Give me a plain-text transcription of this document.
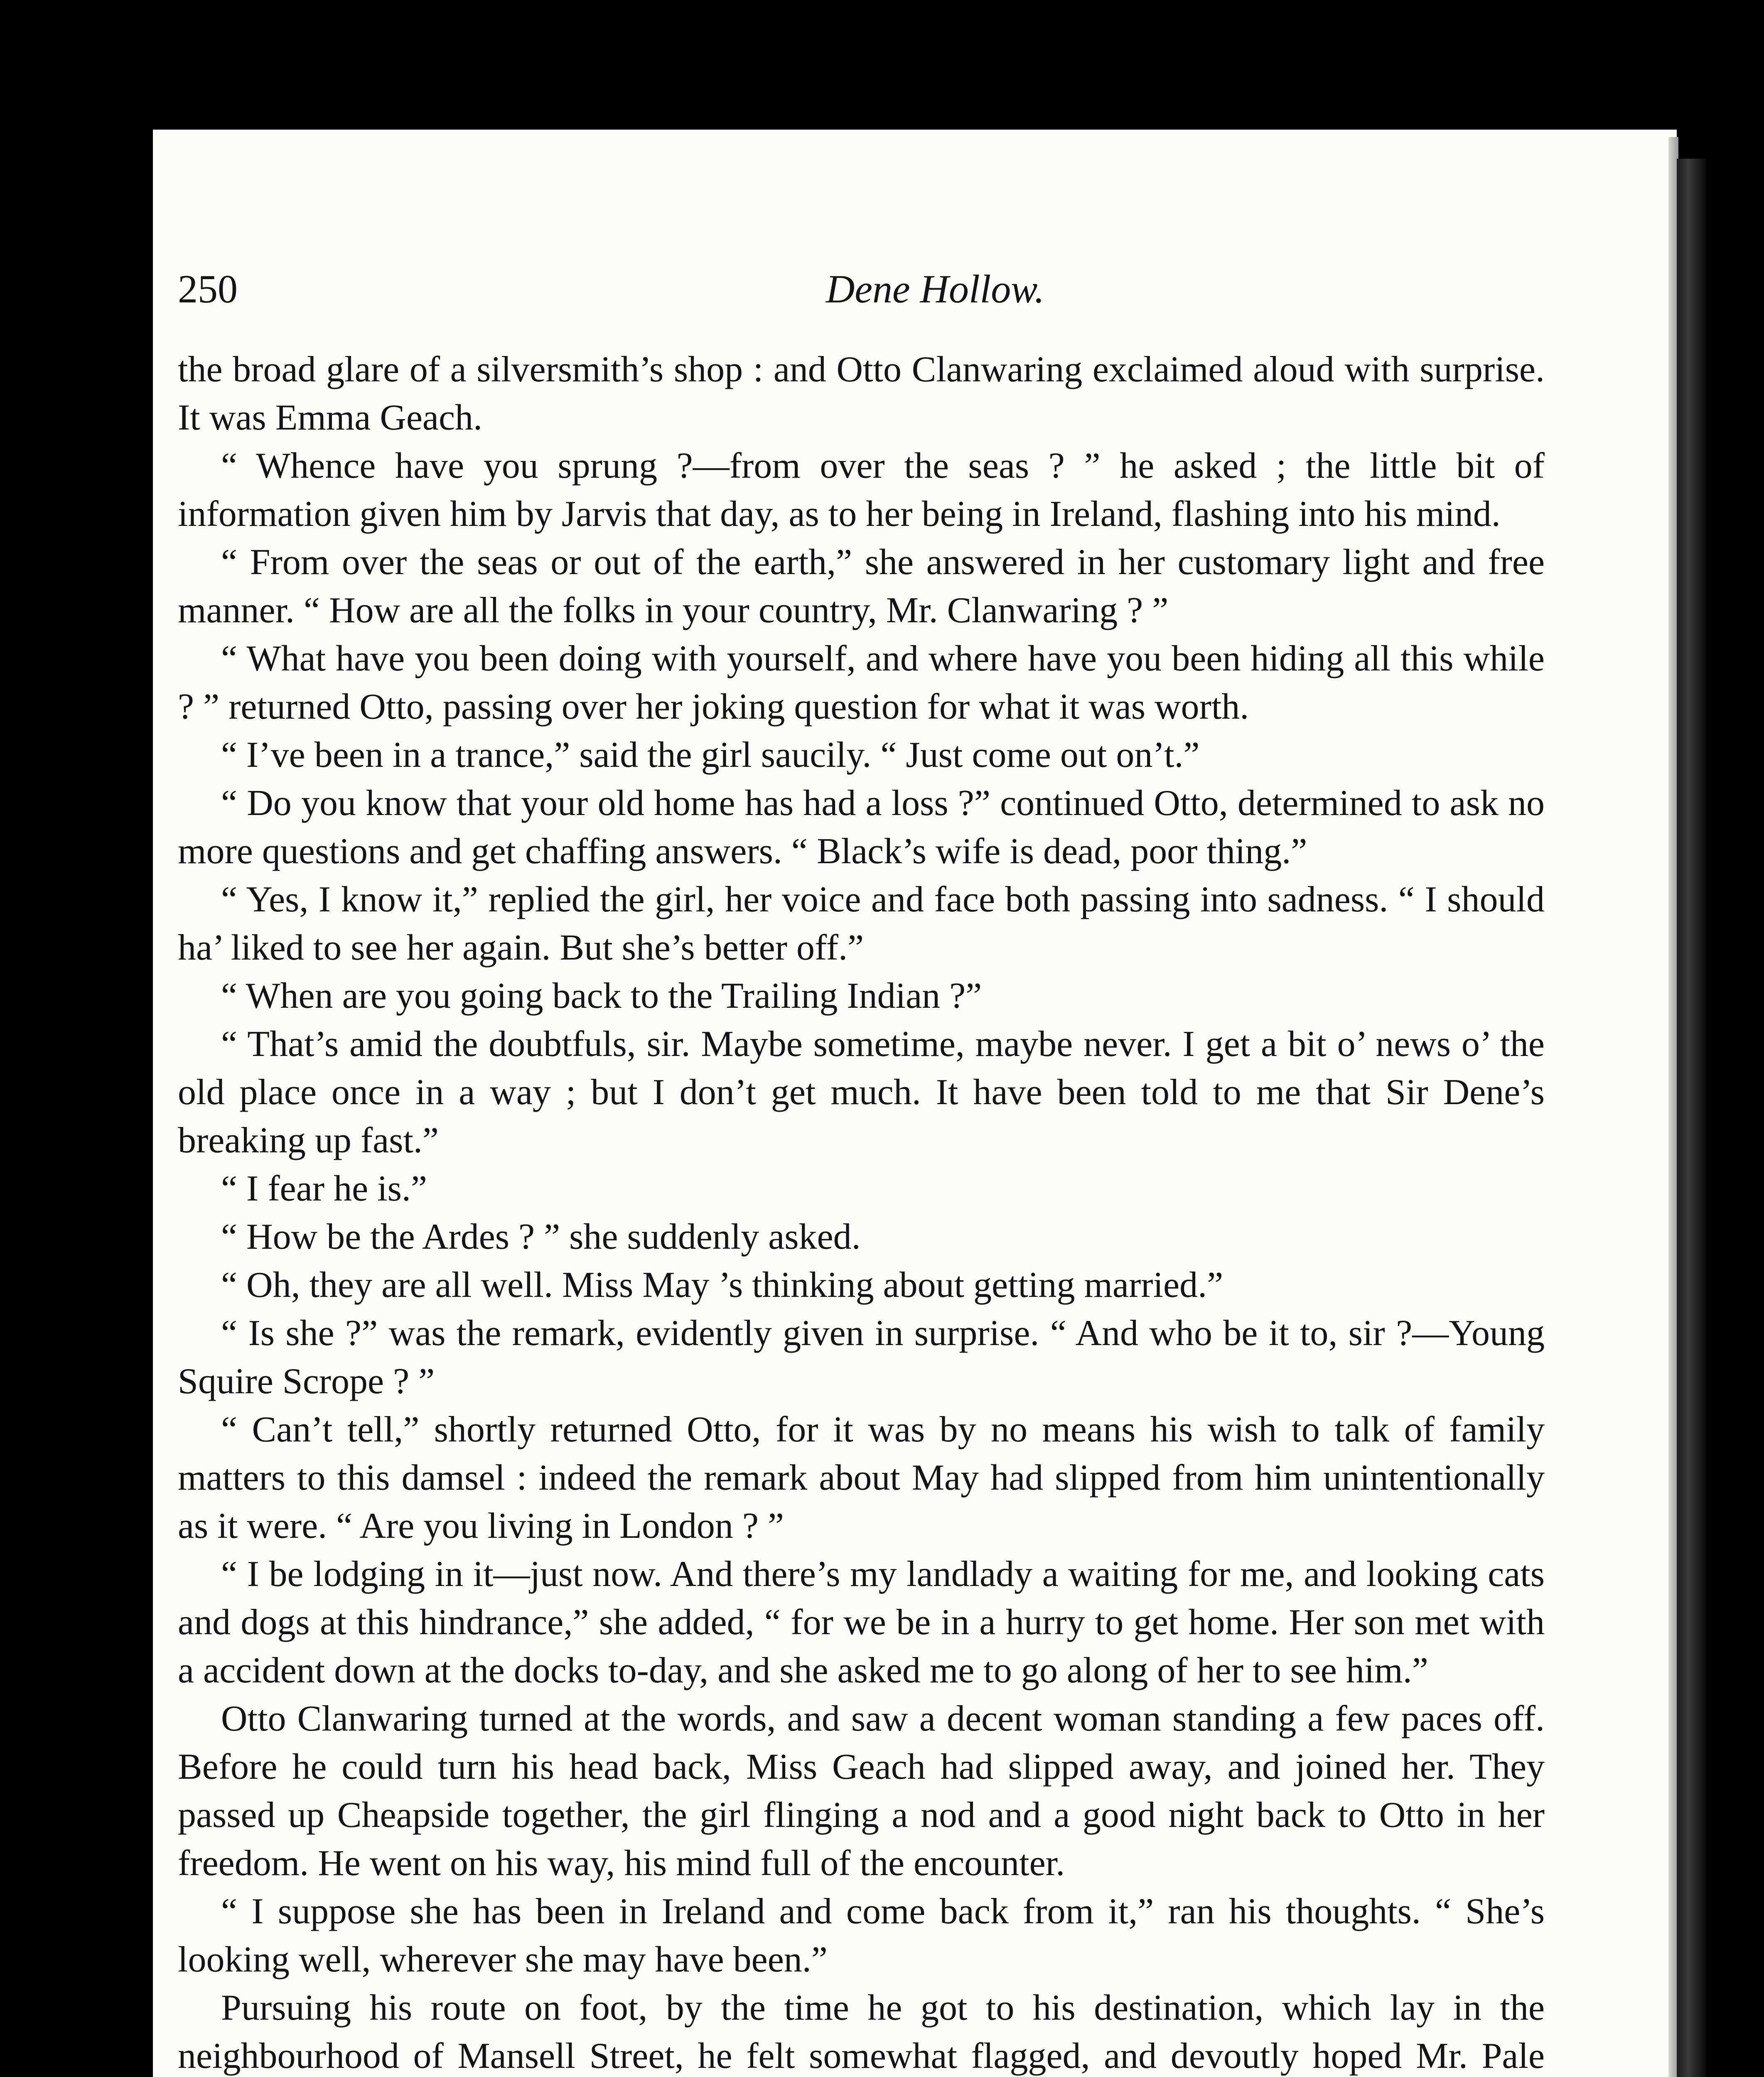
250	Dene Hollow.

the broad glare of a silversmith’s shop : and Otto Clanwaring exclaimed aloud with surprise. It was Emma Geach.

“ Whence have you sprung ?—from over the seas ? ” he asked ; the little bit of information given him by Jarvis that day, as to her being in Ireland, flashing into his mind.

“ From over the seas or out of the earth,” she answered in her customary light and free manner. “ How are all the folks in your country, Mr. Clanwaring ? ”

“ What have you been doing with yourself, and where have you been hiding all this while ? ” returned Otto, passing over her joking question for what it was worth.

“ I’ve been in a trance,” said the girl saucily. “ Just come out on’t.”

“ Do you know that your old home has had a loss ?” continued Otto, determined to ask no more questions and get chaffing answers. “ Black’s wife is dead, poor thing.”

“ Yes, I know it,” replied the girl, her voice and face both passing into sadness. “ I should ha’ liked to see her again. But she’s better off.”

“ When are you going back to the Trailing Indian ?”

“ That’s amid the doubtfuls, sir. Maybe sometime, maybe never. I get a bit o’ news o’ the old place once in a way ; but I don’t get much. It have been told to me that Sir Dene’s breaking up fast.”

“ I fear he is.”

“ How be the Ardes ? ” she suddenly asked.

“ Oh, they are all well. Miss May ’s thinking about getting married.”

“ Is she ?” was the remark, evidently given in surprise. “ And who be it to, sir ?—Young Squire Scrope ? ”

“ Can’t tell,” shortly returned Otto, for it was by no means his wish to talk of family matters to this damsel : indeed the remark about May had slipped from him unintentionally as it were. “ Are you living in London ? ”

“ I be lodging in it—just now. And there’s my landlady a waiting for me, and looking cats and dogs at this hindrance,” she added, “ for we be in a hurry to get home. Her son met with a accident down at the docks to-day, and she asked me to go along of her to see him.”

Otto Clanwaring turned at the words, and saw a decent woman standing a few paces off. Before he could turn his head back, Miss Geach had slipped away, and joined her. They passed up Cheapside together, the girl flinging a nod and a good night back to Otto in her freedom. He went on his way, his mind full of the encounter.

“ I suppose she has been in Ireland and come back from it,” ran his thoughts. “ She’s looking well, wherever she may have been.”

Pursuing his route on foot, by the time he got to his destination, which lay in the neighbourhood of Mansell Street, he felt somewhat flagged, and devoutly hoped Mr. Pale
